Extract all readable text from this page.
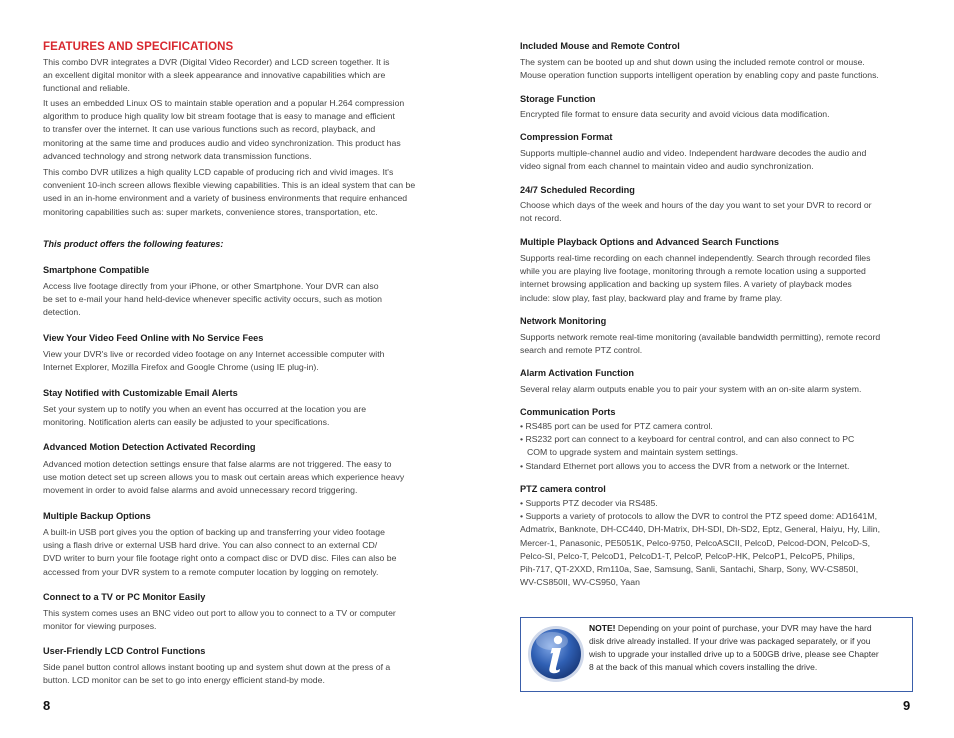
FEATURES AND SPECIFICATIONS
This combo DVR integrates a DVR (Digital Video Recorder) and LCD screen together. It is
an excellent digital monitor with a sleek appearance and innovative capabilities which are
functional and reliable.
It uses an embedded Linux OS to maintain stable operation and a popular H.264 compression
algorithm to produce high quality low bit stream footage that is easy to manage and efficient
to transfer over the internet. It can use various functions such as record, playback, and
monitoring at the same time and produces audio and video synchronization. This product has
advanced technology and strong network data transmission functions.
This combo DVR utilizes a high quality LCD capable of producing rich and vivid images. It's
convenient 10-inch screen allows flexible viewing capabilities. This is an ideal system that can be
used in an in-home environment and a variety of business environments that require enhanced
monitoring capabilities such as: super markets, convenience stores, transportation, etc.
This product offers the following features:
Smartphone Compatible
Access live footage directly from your iPhone, or other Smartphone. Your DVR can also
be set to e-mail your hand held-device whenever specific activity occurs, such as motion
detection.
View Your Video Feed Online with No Service Fees
View your DVR's live or recorded video footage on any Internet accessible computer with
Internet Explorer, Mozilla Firefox and Google Chrome (using IE plug-in).
Stay Notified with Customizable Email Alerts
Set your system up to notify you when an event has occurred at the location you are
monitoring. Notification alerts can easily be adjusted to your specifications.
Advanced Motion Detection Activated Recording
Advanced motion detection settings ensure that false alarms are not triggered. The easy to
use motion detect set up screen allows you to mask out certain areas which experience heavy
movement in order to avoid false alarms and avoid unnecessary record triggering.
Multiple Backup Options
A built-in USB port gives you the option of backing up and transferring your video footage
using a flash drive or external USB hard drive. You can also connect to an external CD/
DVD writer to burn your file footage right onto a compact disc or DVD disc. Files can also be
accessed from your DVR system to a remote computer location by logging on remotely.
Connect to a TV or PC Monitor Easily
This system comes uses an BNC video out port to allow you to connect to a TV or computer
monitor for viewing purposes.
User-Friendly LCD Control Functions
Side panel button control allows instant booting up and system shut down at the press of a
button. LCD monitor can be set to go into energy efficient stand-by mode.
8
Included Mouse and Remote Control
The system can be booted up and shut down using the included remote control or mouse.
Mouse operation function supports intelligent operation by enabling copy and paste functions.
Storage Function
Encrypted file format to ensure data security and avoid vicious data modification.
Compression Format
Supports multiple-channel audio and video. Independent hardware decodes the audio and
video signal from each channel to maintain video and audio synchronization.
24/7 Scheduled Recording
Choose which days of the week and hours of the day you want to set your DVR to record or
not record.
Multiple Playback Options and Advanced Search Functions
Supports real-time recording on each channel independently. Search through recorded files
while you are playing live footage, monitoring through a remote location using a supported
internet browsing application and backing up system files. A variety of playback modes
include: slow play, fast play, backward play and frame by frame play.
Network Monitoring
Supports network remote real-time monitoring (available bandwidth permitting), remote record
search and remote PTZ control.
Alarm Activation Function
Several relay alarm outputs enable you to pair your system with an on-site alarm system.
Communication Ports
• RS485 port can be used for PTZ camera control.
• RS232 port can connect to a keyboard for central control, and can also connect to PC
COM to upgrade system and maintain system settings.
• Standard Ethernet port allows you to access the DVR from a network or the Internet.
PTZ camera control
• Supports PTZ decoder via RS485.
• Supports a variety of protocols to allow the DVR to control the PTZ speed dome: AD1641M,
Admatrix, Banknote, DH-CC440, DH-Matrix, DH-SDI, Dh-SD2, Eptz, General, Haiyu, Hy, Lilin,
Mercer-1, Panasonic, PE5051K, Pelco-9750, PelcoASCII, PelcoD, Pelcod-DON, PelcoD-S,
Pelco-SI, Pelco-T, PelcoD1, PelcoD1-T, PelcoP, PelcoP-HK, PelcoP1, PelcoP5, Philips,
Pih-717, QT-2XXD, Rm110a, Sae, Samsung, Sanli, Santachi, Sharp, Sony, WV-CS850I,
WV-CS850II, WV-CS950, Yaan
NOTE! Depending on your point of purchase, your DVR may have the hard
disk drive already installed. If your drive was packaged separately, or if you
wish to upgrade your installed drive up to a 500GB drive, please see Chapter
8 at the back of this manual which covers installing the drive.
9
